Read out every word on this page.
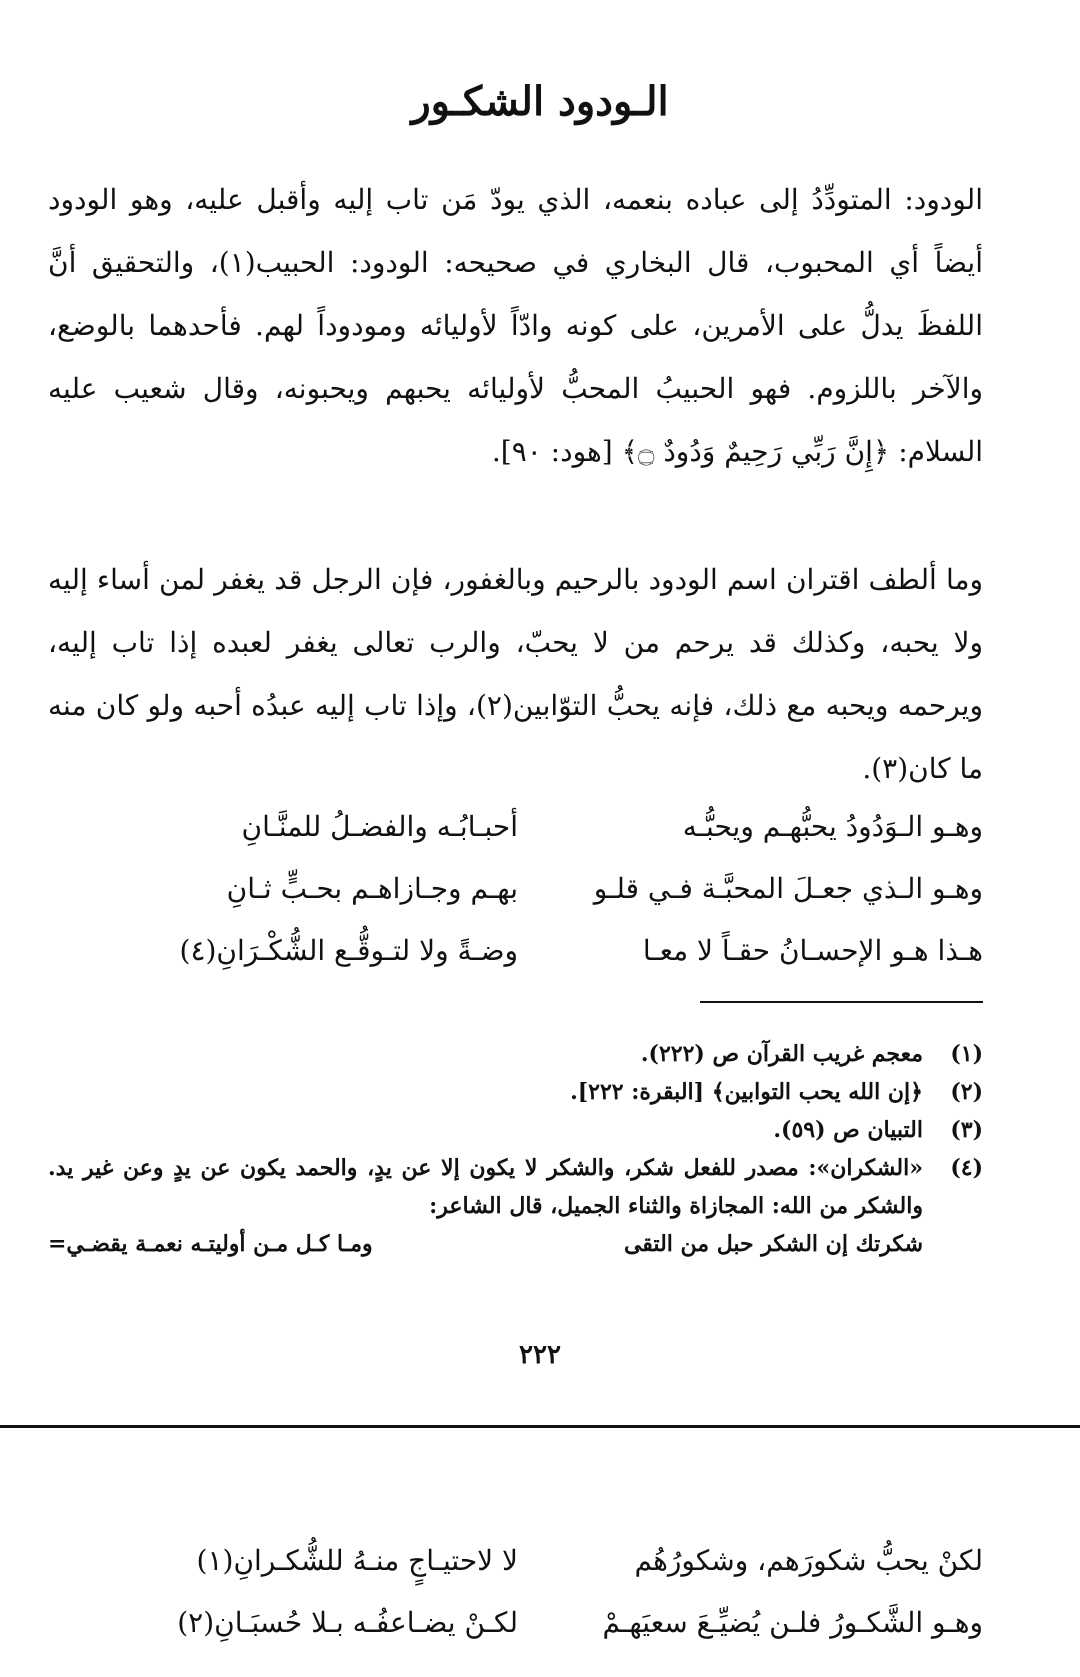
الـودود الشكـور
الودود: المتودِّدُ إلى عباده بنعمه، الذي يودّ مَن تاب إليه وأقبل عليه، وهو الودود أيضاً أي المحبوب، قال البخاري في صحيحه: الودود: الحبيب(١)، والتحقيق أنَّ اللفظَ يدلُّ على الأمرين، على كونه وادّاً لأوليائه ومودوداً لهم. فأحدهما بالوضع، والآخر باللزوم. فهو الحبيبُ المحبُّ لأوليائه يحبهم ويحبونه، وقال شعيب عليه السلام: ﴿إِنَّ رَبِّي رَحِيمٌ وَدُودٌ ۝﴾ [هود: ٩٠].
وما ألطف اقتران اسم الودود بالرحيم وبالغفور، فإن الرجل قد يغفر لمن أساء إليه ولا يحبه، وكذلك قد يرحم من لا يحبّ، والرب تعالى يغفر لعبده إذا تاب إليه، ويرحمه ويحبه مع ذلك، فإنه يحبُّ التوّابين(٢)، وإذا تاب إليه عبدُه أحبه ولو كان منه ما كان(٣).
وهـو الـوَدُودُ يحبُّهـم ويحبُّـه
أحبـابُـه والفضـلُ للمنَّـانِ
وهـو الـذي جعـلَ المحبَّـة فـي قلـو
بهـم وجـازاهـم بحـبٍّ ثـانِ
هـذا هـو الإحسـانُ حقـاً لا معـا
وضـةً ولا لتـوقُّـع الشُّكْـرَانِ(٤)
(١)
معجم غريب القرآن ص (٢٢٢).
(٢)
﴿إن الله يحب التوابين﴾ [البقرة: ٢٢٢].
(٣)
التبيان ص (٥٩).
(٤)
«الشكران»: مصدر للفعل شكر، والشكر لا يكون إلا عن يدٍ، والحمد يكون عن يدٍ وعن غير يد. والشكر من الله: المجازاة والثناء الجميل، قال الشاعر:
شكرتك إن الشكر حبل من التقى
ومـا كـل مـن أوليتـه نعمـة يقضـي=
٢٢٢
لكنْ يحبُّ شكورَهم، وشكورُهُم
لا لاحتيـاجٍ منـهُ للشُّكـرانِ(١)
وهـو الشَّكـورُ فلـن يُضيِّـعَ سعيَهـمْ
لكـنْ يضـاعفُـه بـلا حُسبَـانِ(٢)
